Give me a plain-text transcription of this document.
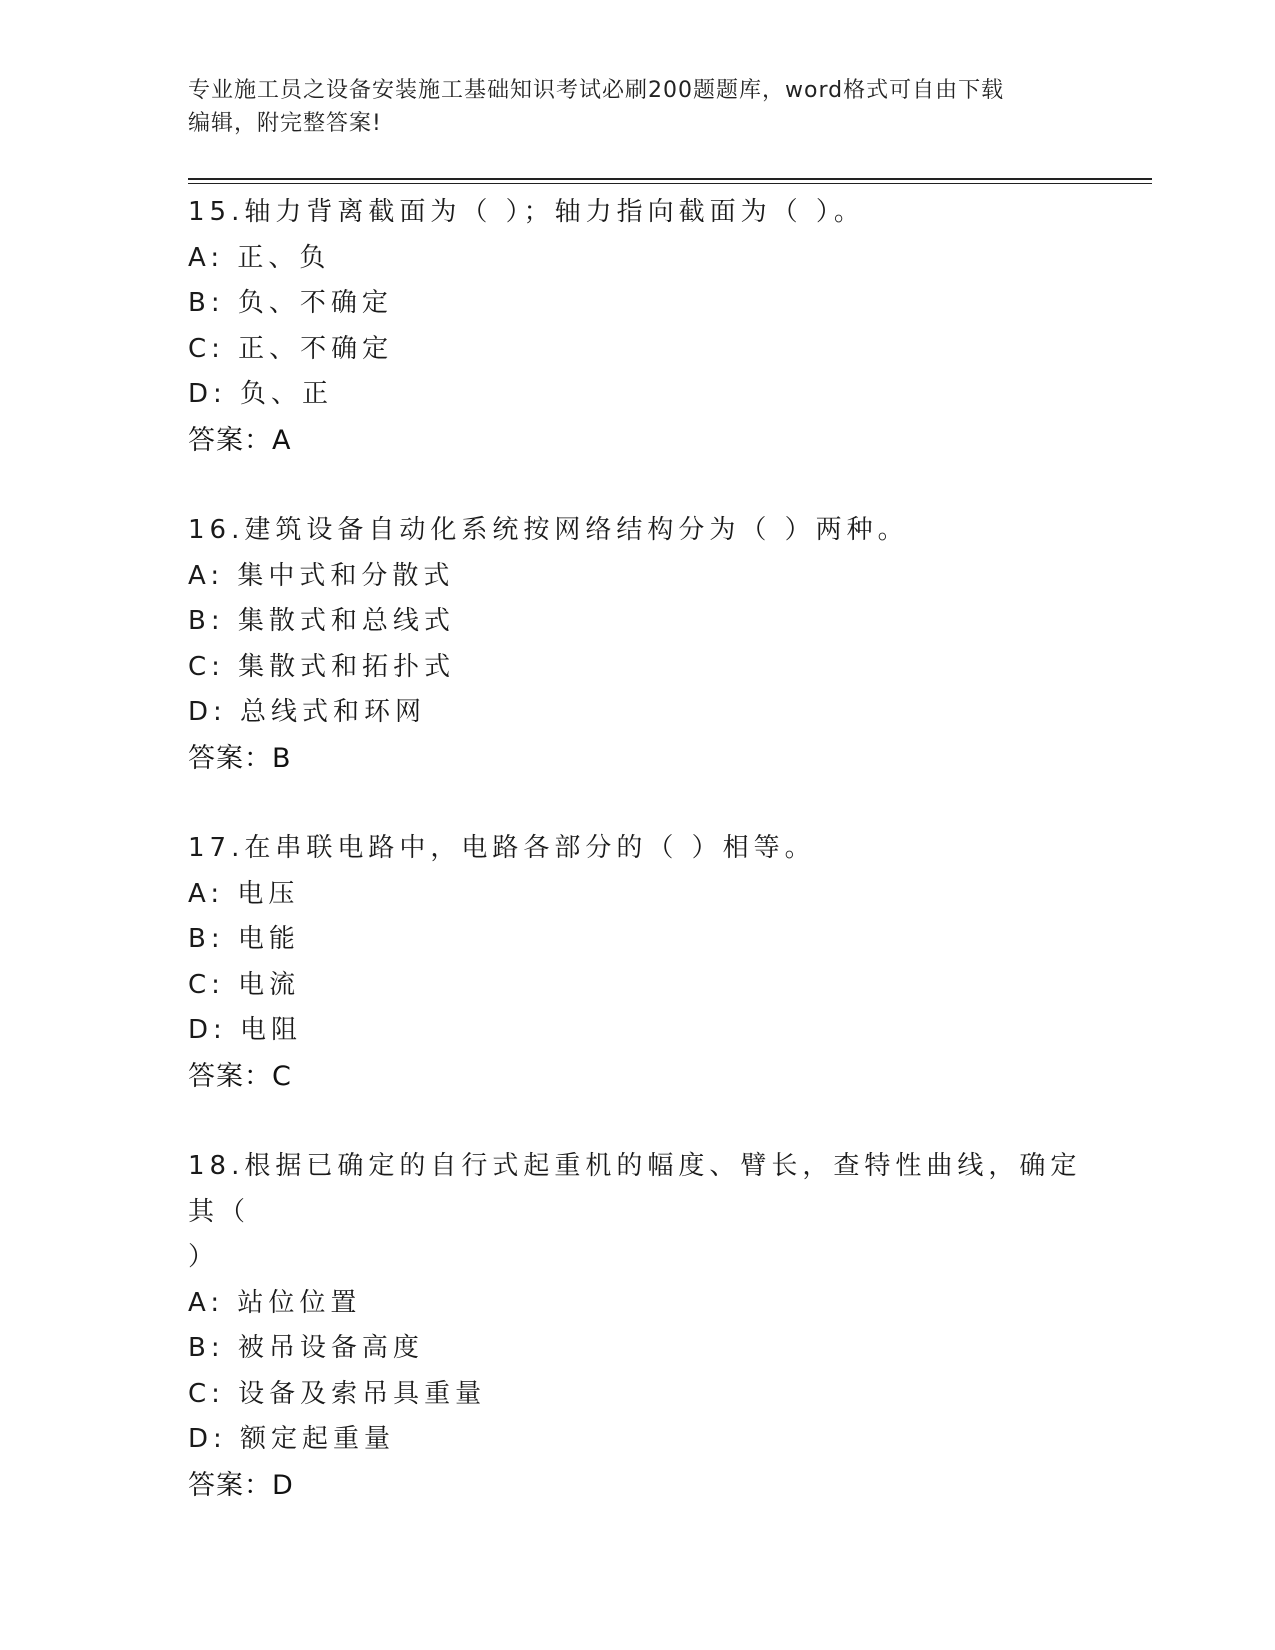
专业施工员之设备安装施工基础知识考试必刷200题题库，word格式可自由下载
编辑，附完整答案!
15.轴力背离截面为（ ）；轴力指向截面为（ ）。
A: 正、负
B: 负、不确定
C: 正、不确定
D: 负、正
答案：A
16.建筑设备自动化系统按网络结构分为（ ）两种。
A: 集中式和分散式
B: 集散式和总线式
C: 集散式和拓扑式
D: 总线式和环网
答案：B
17.在串联电路中，电路各部分的（ ）相等。
A: 电压
B: 电能
C: 电流
D: 电阻
答案：C
18.根据已确定的自行式起重机的幅度、臂长，查特性曲线，确定其（
）
A: 站位位置
B: 被吊设备高度
C: 设备及索吊具重量
D: 额定起重量
答案：D
